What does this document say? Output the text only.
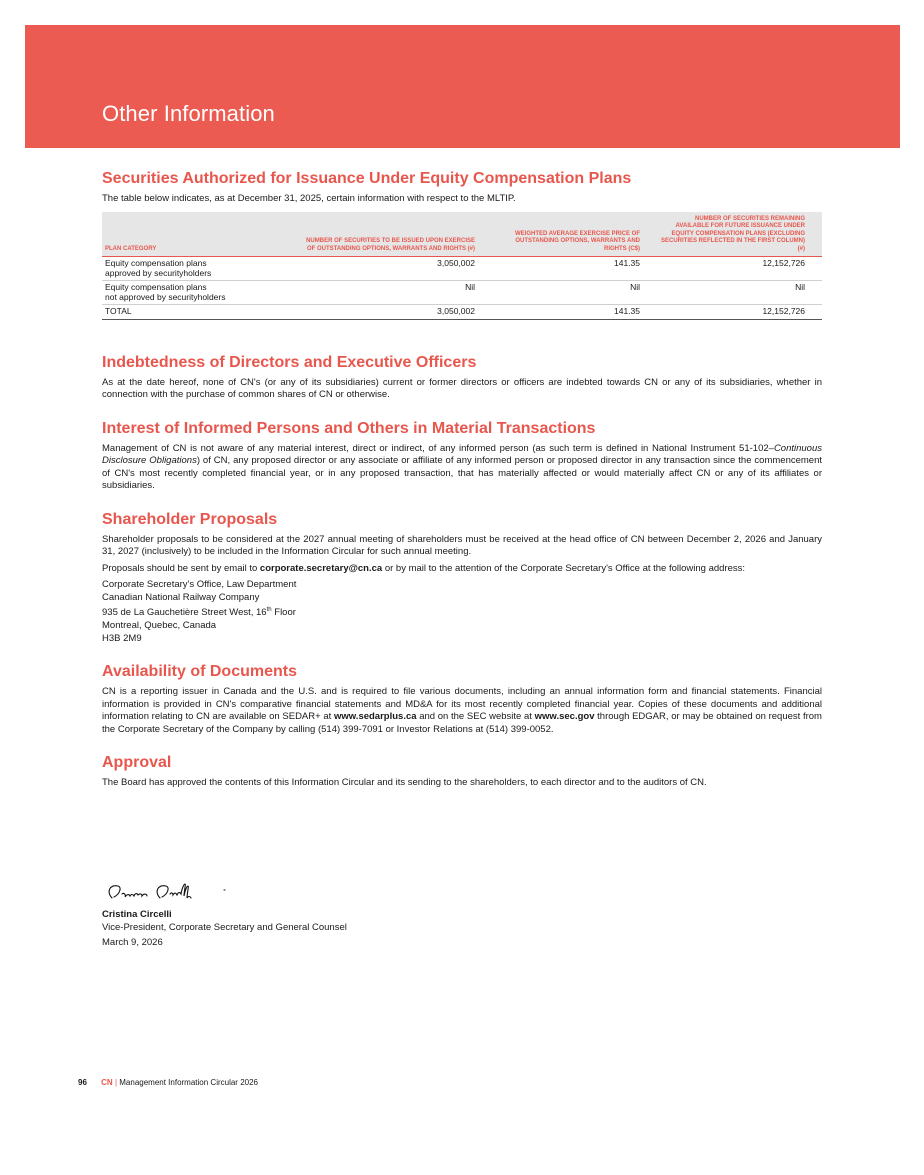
Other Information
Securities Authorized for Issuance Under Equity Compensation Plans

The table below indicates, as at December 31, 2025, certain information with respect to the MLTIP.

PLAN CATEGORY	NUMBER OF SECURITIES TO BE ISSUED UPON EXERCISE OF OUTSTANDING OPTIONS, WARRANTS AND RIGHTS (#)	WEIGHTED AVERAGE EXERCISE PRICE OF OUTSTANDING OPTIONS, WARRANTS AND RIGHTS (C$)	NUMBER OF SECURITIES REMAINING AVAILABLE FOR FUTURE ISSUANCE UNDER EQUITY COMPENSATION PLANS (EXCLUDING SECURITIES REFLECTED IN THE FIRST COLUMN) (#)

Equity compensation plans
approved by securityholders	3,050,002	141.35	12,152,726

Equity compensation plans
not approved by securityholders	Nil	Nil	Nil
TOTAL	3,050,002	141.35	12,152,726
Indebtedness of Directors and Executive Officers

As at the date hereof, none of CN's (or any of its subsidiaries) current or former directors or officers are indebted towards CN or any of its subsidiaries, whether in connection with the purchase of common shares of CN or otherwise.

Interest of Informed Persons and Others in Material Transactions

Management of CN is not aware of any material interest, direct or indirect, of any informed person (as such term is defined in National Instrument 51-102–Continuous Disclosure Obligations) of CN, any proposed director or any associate or affiliate of any informed person or proposed director in any transaction since the commencement of CN's most recently completed financial year, or in any proposed transaction, that has materially affected or would materially affect CN or any of its affiliates or subsidiaries.

Shareholder Proposals

Shareholder proposals to be considered at the 2027 annual meeting of shareholders must be received at the head office of CN between December 2, 2026 and January 31, 2027 (inclusively) to be included in the Information Circular for such annual meeting.

Proposals should be sent by email to corporate.secretary@cn.ca or by mail to the attention of the Corporate Secretary's Office at the following address:

Corporate Secretary's Office, Law Department

Canadian National Railway Company

935 de La Gauchetière Street West, 16th Floor

Montreal, Quebec, Canada

H3B 2M9

Availability of Documents

CN is a reporting issuer in Canada and the U.S. and is required to file various documents, including an annual information form and financial statements. Financial information is provided in CN's comparative financial statements and MD&A for its most recently completed financial year. Copies of these documents and additional information relating to CN are available on SEDAR+ at www.sedarplus.ca and on the SEC website at www.sec.gov through EDGAR, or may be obtained on request from the Corporate Secretary of the Company by calling (514) 399-7091 or Investor Relations at (514) 399-0052.

Approval

The Board has approved the contents of this Information Circular and its sending to the shareholders, to each director and to the auditors of CN.

Cristina Circelli

Vice-President, Corporate Secretary and General Counsel

March 9, 2026

96 CN | Management Information Circular 2026
